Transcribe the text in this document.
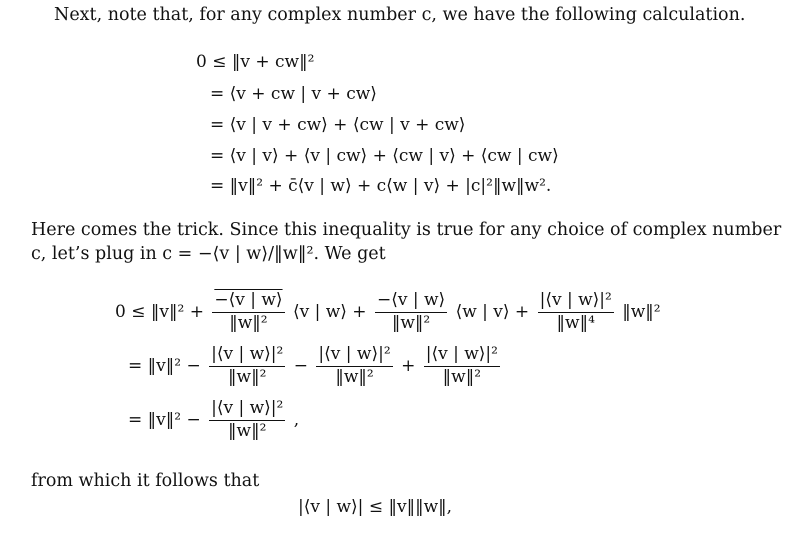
Next, note that, for any complex number c, we have the following calculation.
0 ≤ ‖v + cw‖²
= ⟨v + cw | v + cw⟩
= ⟨v | v + cw⟩ + ⟨cw | v + cw⟩
= ⟨v | v⟩ + ⟨v | cw⟩ + ⟨cw | v⟩ + ⟨cw | cw⟩
= ‖v‖² + c̄⟨v | w⟩ + c⟨w | v⟩ + |c|²‖w‖w².
Here comes the trick. Since this inequality is true for any choice of complex number
c, let’s plug in c = −⟨v | w⟩/‖w‖². We get
0 ≤ ‖v‖² + $\frac{-⟨v | w⟩}{\text{‖w‖²}}$ ⟨v | w⟩ + $\frac{-⟨v | w⟩}{\text{‖w‖²}}$ ⟨w | v⟩ + $\frac{\text{|⟨v | w⟩|²}}{\text{‖w‖⁴}}$ ‖w‖²
= ‖v‖² − $\frac{\text{|⟨v | w⟩|²}}{\text{‖w‖²}} - \frac{\text{|⟨v | w⟩|²}}{\text{‖w‖²}} + \frac{\text{|⟨v | w⟩|²}}{\text{‖w‖²}}$
= ‖v‖² − $\frac{\text{|⟨v | w⟩|²}}{\text{‖w‖²}}$ ,
from which it follows that
|⟨v | w⟩| ≤ ‖v‖‖w‖,
